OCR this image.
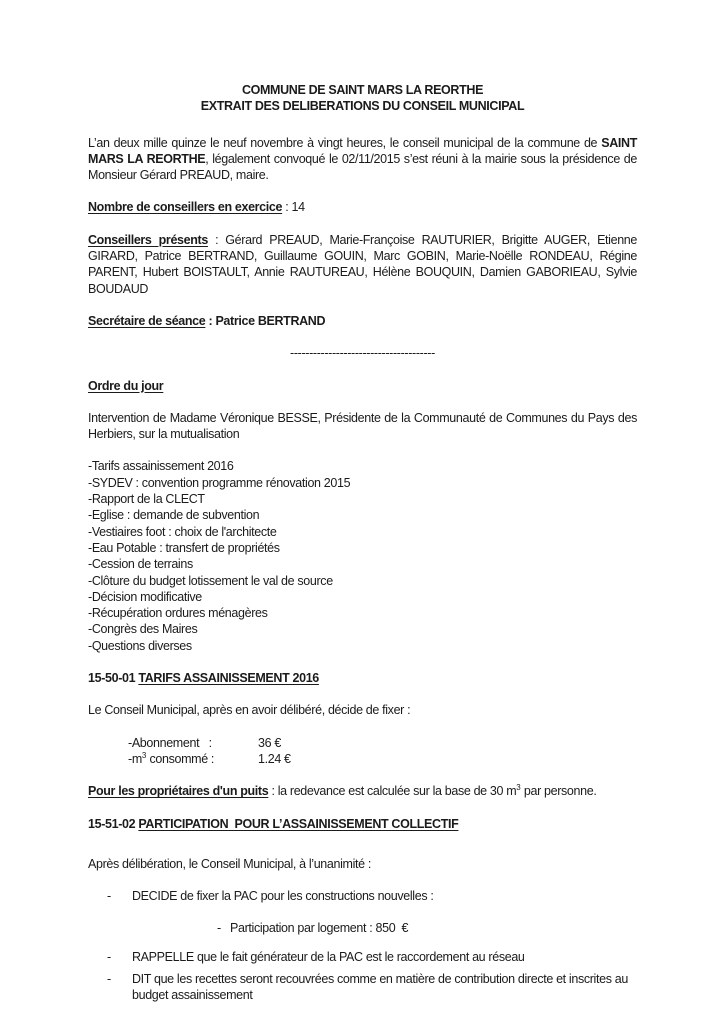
COMMUNE DE SAINT MARS LA REORTHE

EXTRAIT DES DELIBERATIONS DU CONSEIL MUNICIPAL

L’an deux mille quinze le neuf novembre à vingt heures, le conseil municipal de la commune de SAINT MARS LA REORTHE, légalement convoqué le 02/11/2015 s’est réuni à la mairie sous la présidence de Monsieur Gérard PREAUD, maire.

Nombre de conseillers en exercice : 14

Conseillers présents : Gérard PREAUD, Marie-Françoise RAUTURIER, Brigitte AUGER, Etienne GIRARD, Patrice BERTRAND, Guillaume GOUIN, Marc GOBIN, Marie-Noëlle RONDEAU, Régine PARENT, Hubert BOISTAULT, Annie RAUTUREAU, Hélène BOUQUIN, Damien GABORIEAU, Sylvie BOUDAUD

Secrétaire de séance : Patrice BERTRAND

--------------------------------------

Ordre du jour

Intervention de Madame Véronique BESSE, Présidente de la Communauté de Communes du Pays des Herbiers, sur la mutualisation

-Tarifs assainissement 2016

-SYDEV : convention programme rénovation 2015

-Rapport de la CLECT

-Eglise : demande de subvention

-Vestiaires foot : choix de l'architecte

-Eau Potable : transfert de propriétés

-Cession de terrains

-Clôture du budget lotissement le val de source

-Décision modificative

-Récupération ordures ménagères

-Congrès des Maires

-Questions diverses

15-50-01 TARIFS ASSAINISSEMENT 2016

Le Conseil Municipal, après en avoir délibéré, décide de fixer :

-Abonnement   :	36 €

$-m^3$ consommé :	1.24 €

Pour les propriétaires d'un puits : la redevance est calculée sur la base de 30 $m^3$ par personne.

15-51-02 PARTICIPATION  POUR L’ASSAINISSEMENT COLLECTIF

Après délibération, le Conseil Municipal, à l’unanimité :

- DECIDE de fixer la PAC pour les constructions nouvelles :

- Participation par logement : 850  €

- RAPPELLE que le fait générateur de la PAC est le raccordement au réseau

- DIT que les recettes seront recouvrées comme en matière de contribution directe et inscrites au budget assainissement
